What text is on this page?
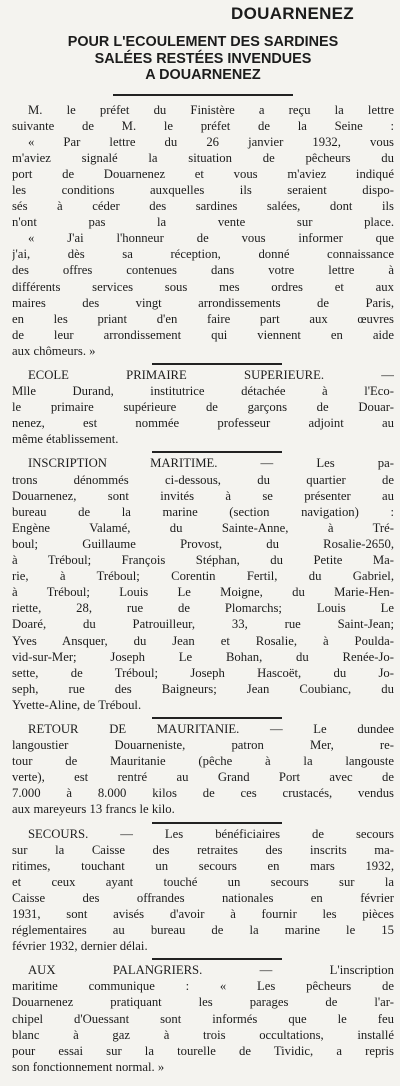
DOUARNENEZ
POUR L'ECOULEMENT DES SARDINES
SALÉES RESTÉES INVENDUES
A DOUARNENEZ
M. le préfet du Finistère a reçu la lettre
suivante de M. le préfet de la Seine :
« Par lettre du 26 janvier 1932, vous
m'aviez signalé la situation de pêcheurs du
port de Douarnenez et vous m'aviez indiqué
les conditions auxquelles ils seraient dispo-
sés à céder des sardines salées, dont ils
n'ont pas la vente sur place.
« J'ai l'honneur de vous informer que
j'ai, dès sa réception, donné connaissance
des offres contenues dans votre lettre à
différents services sous mes ordres et aux
maires des vingt arrondissements de Paris,
en les priant d'en faire part aux œuvres
de leur arrondissement qui viennent en aide
aux chômeurs. »
ECOLE PRIMAIRE SUPERIEURE. —
Mlle Durand, institutrice détachée à l'Eco-
le primaire supérieure de garçons de Douar-
nenez, est nommée professeur adjoint au
même établissement.
INSCRIPTION MARITIME. — Les pa-
trons dénommés ci-dessous, du quartier de
Douarnenez, sont invités à se présenter au
bureau de la marine (section navigation) :
Engène Valamé, du Sainte-Anne, à Tré-
boul; Guillaume Provost, du Rosalie-2650,
à Tréboul; François Stéphan, du Petite Ma-
rie, à Tréboul; Corentin Fertil, du Gabriel,
à Tréboul; Louis Le Moigne, du Marie-Hen-
riette, 28, rue de Plomarchs; Louis Le
Doaré, du Patrouilleur, 33, rue Saint-Jean;
Yves Ansquer, du Jean et Rosalie, à Poulda-
vid-sur-Mer; Joseph Le Bohan, du Renée-Jo-
sette, de Tréboul; Joseph Hascoët, du Jo-
seph, rue des Baigneurs; Jean Coubianc, du
Yvette-Aline, de Tréboul.
RETOUR DE MAURITANIE. — Le dundee
langoustier Douarneniste, patron Mer, re-
tour de Mauritanie (pêche à la langouste
verte), est rentré au Grand Port avec de
7.000 à 8.000 kilos de ces crustacés, vendus
aux mareyeurs 13 francs le kilo.
SECOURS. — Les bénéficiaires de secours
sur la Caisse des retraites des inscrits ma-
ritimes, touchant un secours en mars 1932,
et ceux ayant touché un secours sur la
Caisse des offrandes nationales en février
1931, sont avisés d'avoir à fournir les pièces
réglementaires au bureau de la marine le 15
février 1932, dernier délai.
AUX PALANGRIERS. — L'inscription
maritime communique : « Les pêcheurs de
Douarnenez pratiquant les parages de l'ar-
chipel d'Ouessant sont informés que le feu
blanc à gaz à trois occultations, installé
pour essai sur la tourelle de Tividic, a repris
son fonctionnement normal. »
